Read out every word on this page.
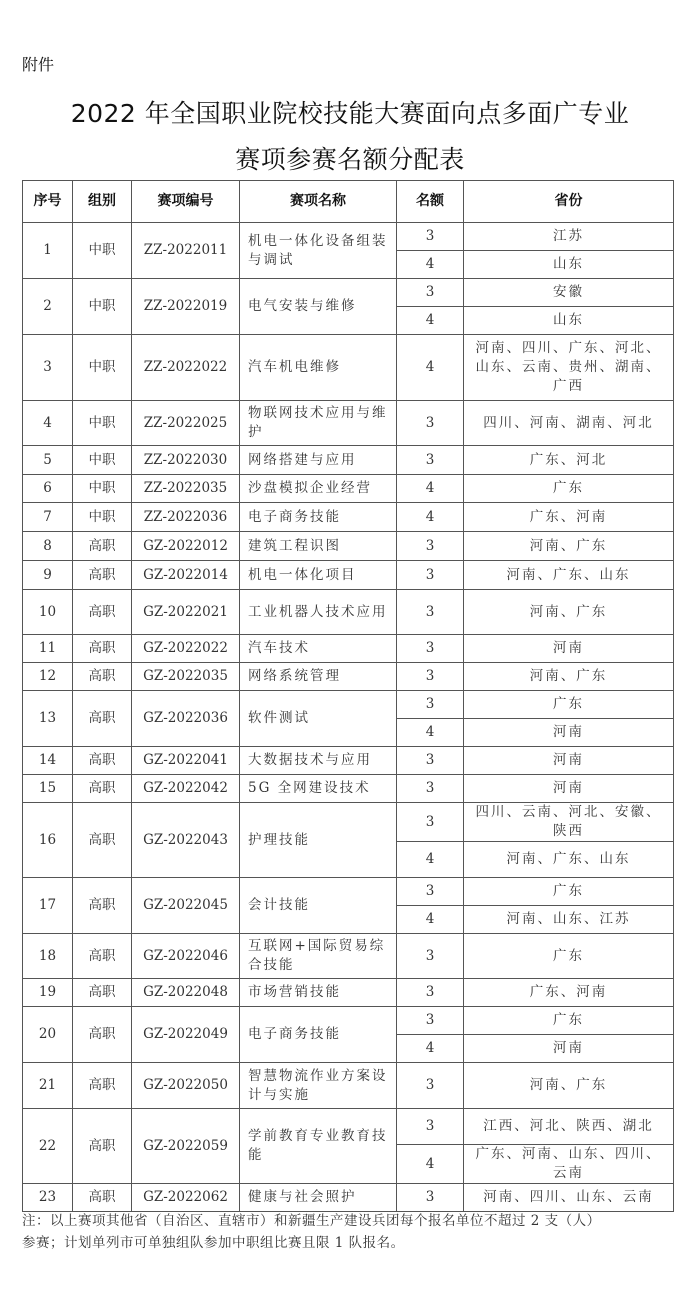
附件
2022 年全国职业院校技能大赛面向点多面广专业
赛项参赛名额分配表
序号	组别	赛项编号	赛项名称	名额	省份
1	中职	ZZ-2022011	机电一体化设备组装与调试	3	江苏
				4	山东
2	中职	ZZ-2022019	电气安装与维修	3	安徽
				4	山东
3	中职	ZZ-2022022	汽车机电维修	4	河南、四川、广东、河北、山东、云南、贵州、湖南、广西
4	中职	ZZ-2022025	物联网技术应用与维护	3	四川、河南、湖南、河北
5	中职	ZZ-2022030	网络搭建与应用	3	广东、河北
6	中职	ZZ-2022035	沙盘模拟企业经营	4	广东
7	中职	ZZ-2022036	电子商务技能	4	广东、河南
8	高职	GZ-2022012	建筑工程识图	3	河南、广东
9	高职	GZ-2022014	机电一体化项目	3	河南、广东、山东
10	高职	GZ-2022021	工业机器人技术应用	3	河南、广东
11	高职	GZ-2022022	汽车技术	3	河南
12	高职	GZ-2022035	网络系统管理	3	河南、广东
13	高职	GZ-2022036	软件测试	3	广东
				4	河南
14	高职	GZ-2022041	大数据技术与应用	3	河南
15	高职	GZ-2022042	5G 全网建设技术	3	河南
16	高职	GZ-2022043	护理技能	3	四川、云南、河北、安徽、陕西
				4	河南、广东、山东
17	高职	GZ-2022045	会计技能	3	广东
				4	河南、山东、江苏
18	高职	GZ-2022046	互联网+国际贸易综合技能	3	广东
19	高职	GZ-2022048	市场营销技能	3	广东、河南
20	高职	GZ-2022049	电子商务技能	3	广东
				4	河南
21	高职	GZ-2022050	智慧物流作业方案设计与实施	3	河南、广东
22	高职	GZ-2022059	学前教育专业教育技能	3	江西、河北、陕西、湖北
				4	广东、河南、山东、四川、云南
23	高职	GZ-2022062	健康与社会照护	3	河南、四川、山东、云南
注：以上赛项其他省（自治区、直辖市）和新疆生产建设兵团每个报名单位不超过 2 支（人）
参赛；计划单列市可单独组队参加中职组比赛且限 1 队报名。
